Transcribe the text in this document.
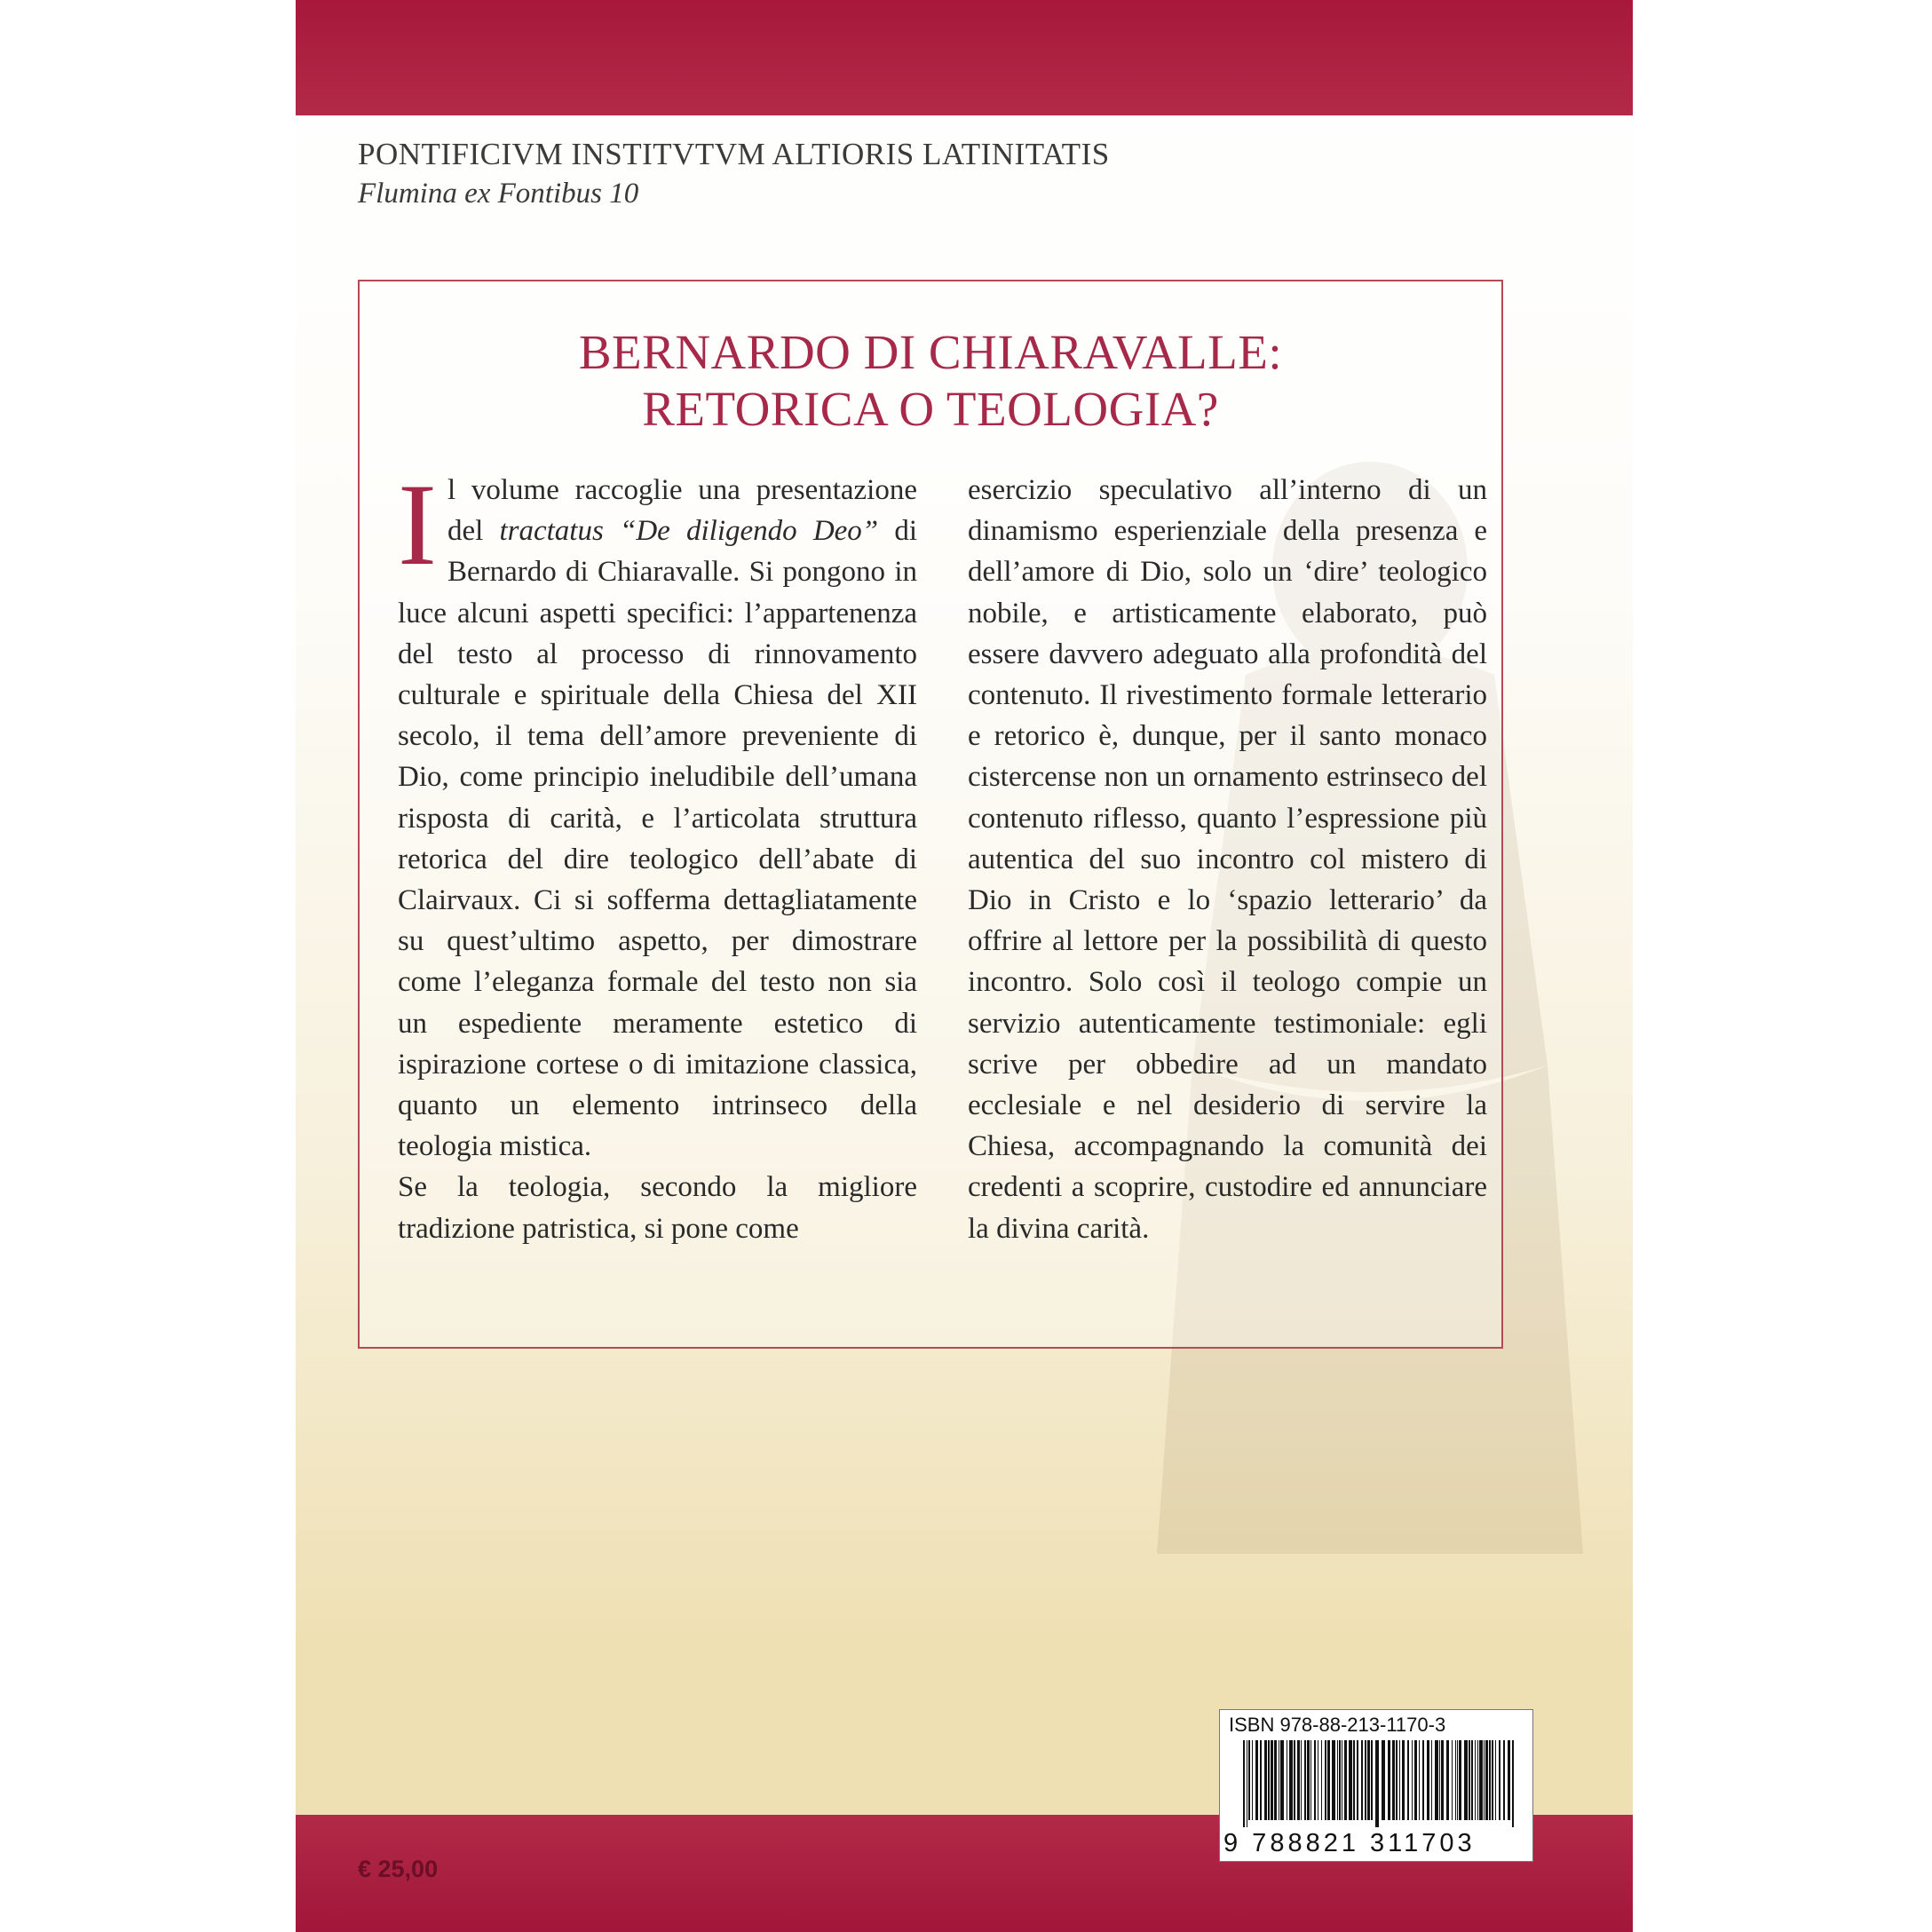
PONTIFICIVM INSTITVTVM ALTIORIS LATINITATIS
Flumina ex Fontibus 10
BERNARDO DI CHIARAVALLE:
RETORICA O TEOLOGIA?

Il volume raccoglie una presentazione del tractatus “De diligendo Deo” di Bernardo di Chiaravalle. Si pongono in luce alcuni aspetti specifici: l’appartenenza del testo al processo di rinnovamento culturale e spirituale della Chiesa del XII secolo, il tema dell’amore preveniente di Dio, come principio ineludibile dell’umana risposta di carità, e l’articolata struttura retorica del dire teologico dell’abate di Clairvaux. Ci si sofferma dettagliatamente su quest’ultimo aspetto, per dimostrare come l’eleganza formale del testo non sia un espediente meramente estetico di ispirazione cortese o di imitazione classica, quanto un elemento intrinseco della teologia mistica.

Se la teologia, secondo la migliore tradizione patristica, si pone come

esercizio speculativo all’interno di un dinamismo esperienziale della presenza e dell’amore di Dio, solo un ‘dire’ teologico nobile, e artisticamente elaborato, può essere davvero adeguato alla profondità del contenuto. Il rivestimento formale letterario e retorico è, dunque, per il santo monaco cistercense non un ornamento estrinseco del contenuto riflesso, quanto l’espressione più autentica del suo incontro col mistero di Dio in Cristo e lo ‘spazio letterario’ da offrire al lettore per la possibilità di questo incontro. Solo così il teologo compie un servizio autenticamente testimoniale: egli scrive per obbedire ad un mandato ecclesiale e nel desiderio di servire la Chiesa, accompagnando la comunità dei credenti a scoprire, custodire ed annunciare la divina carità.

€ 25,00
ISBN 978-88-213-1170-3
9 788821 311703
